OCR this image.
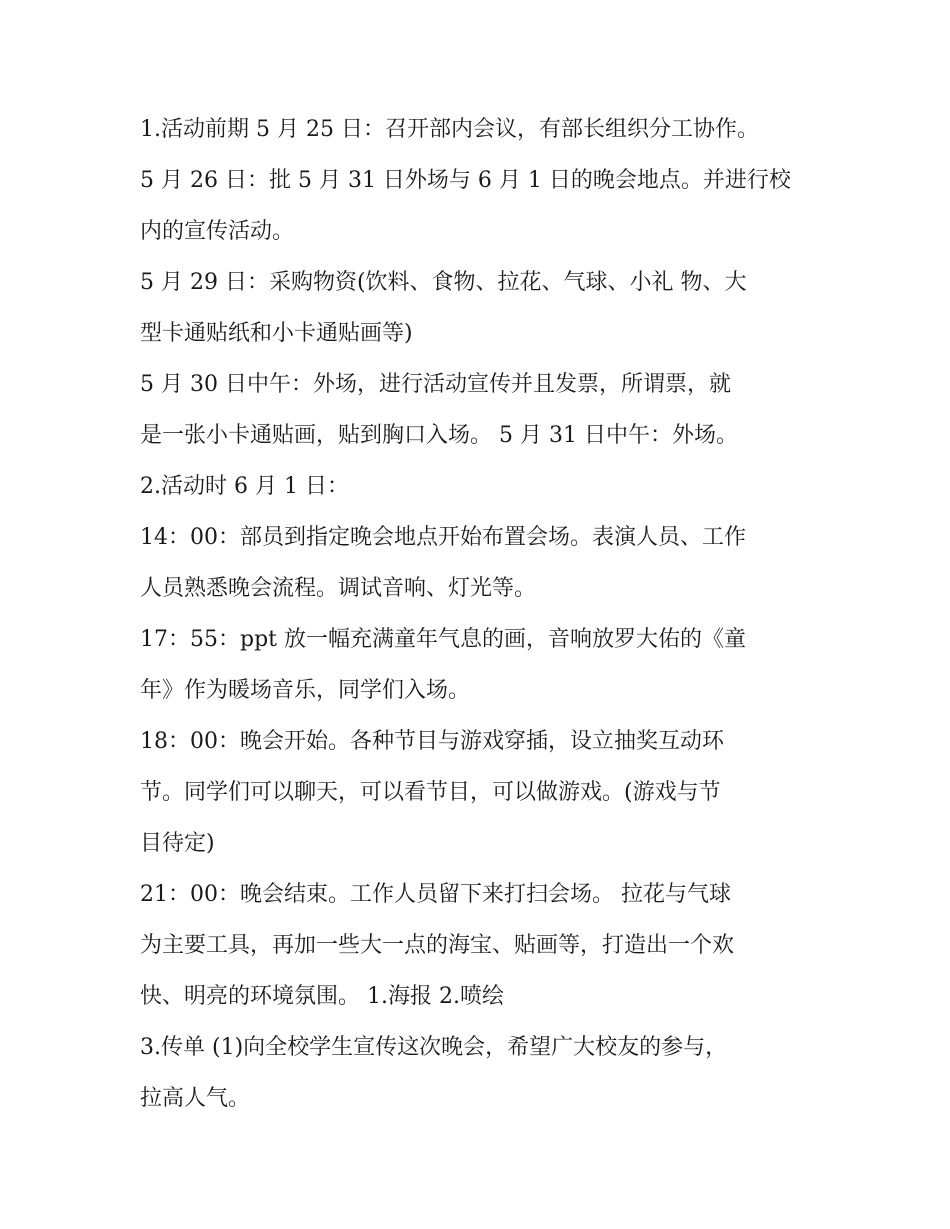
1.活动前期 5 月 25 日：召开部内会议，有部长组织分工协作。
5 月 26 日：批 5 月 31 日外场与 6 月 1 日的晚会地点。并进行校
内的宣传活动。
5 月 29 日：采购物资(饮料、食物、拉花、气球、小礼 物、大
型卡通贴纸和小卡通贴画等)
5 月 30 日中午：外场，进行活动宣传并且发票，所谓票，就
是一张小卡通贴画，贴到胸口入场。 5 月 31 日中午：外场。
2.活动时 6 月 1 日：
14：00：部员到指定晚会地点开始布置会场。表演人员、工作
人员熟悉晚会流程。调试音响、灯光等。
17：55：ppt 放一幅充满童年气息的画，音响放罗大佑的《童
年》作为暖场音乐，同学们入场。
18：00：晚会开始。各种节目与游戏穿插，设立抽奖互动环
节。同学们可以聊天，可以看节目，可以做游戏。(游戏与节
目待定)
21：00：晚会结束。工作人员留下来打扫会场。 拉花与气球
为主要工具，再加一些大一点的海宝、贴画等，打造出一个欢
快、明亮的环境氛围。 1.海报 2.喷绘
3.传单 (1)向全校学生宣传这次晚会，希望广大校友的参与，
拉高人气。
